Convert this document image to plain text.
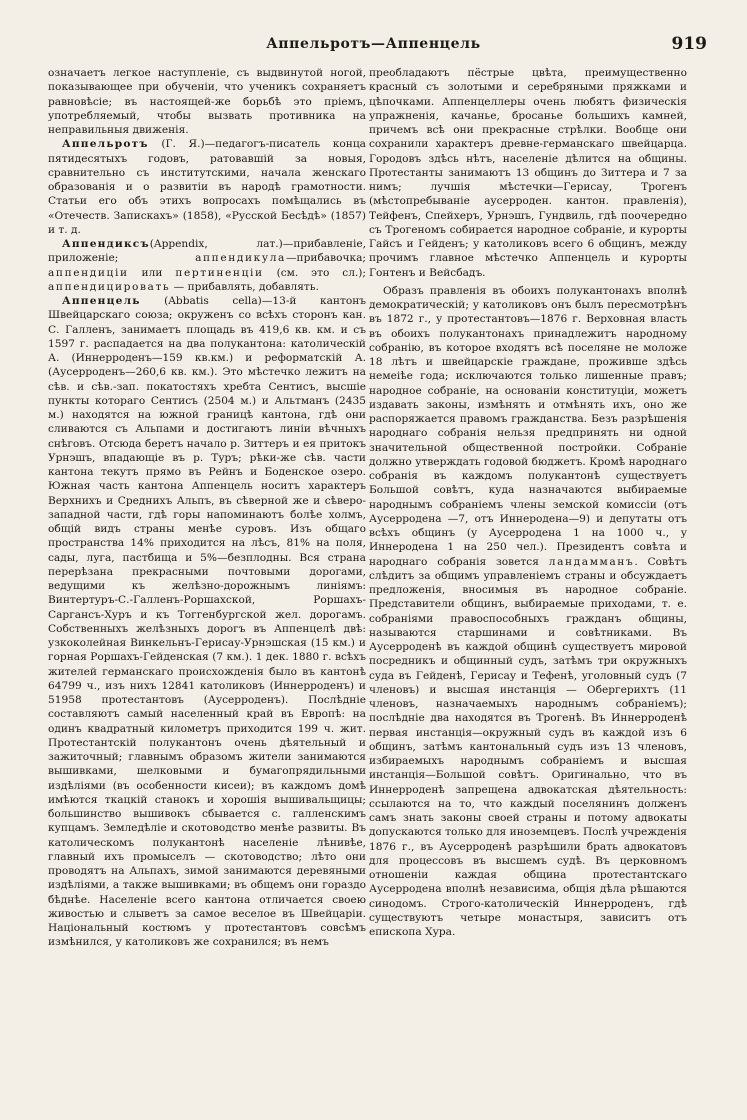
Аппельротъ—Аппенцель	919

означаетъ легкое наступленіе, съ выдвинутой ногой, показывающее при обученіи, что ученикъ сохраняетъ равновѣсіе; въ настоящей-же борьбѣ это пріемъ, употребляемый, чтобы вызвать противника на неправильныя движенія.

Аппельротъ (Г. Я.)—педагогъ-писатель конца пятидесятыхъ годовъ, ратовавшій за новыя, сравнительно съ институтскими, начала женскаго образованія и о развитіи въ народѣ грамотности. Статьи его объ этихъ вопросахъ помѣщались въ «Отечеств. Запискахъ» (1858), «Русской Бесѣдѣ» (1857) и т. д.

Аппендиксъ(Appendix, лат.)—прибавленіе, приложеніе; аппендикула—прибавочка; аппендиціи или пертиненціи (см. это сл.); аппендицировать — прибавлять, добавлять.

Аппенцель (Abbatis cella)—13-й кантонъ Швейцарскаго союза; окруженъ со всѣхъ сторонъ кан. С. Галленъ, занимаетъ площадь въ 419,6 кв. км. и съ 1597 г. распадается на два полукантона: католическій А. (Иннерроденъ—159 кв.км.) и реформатскій А. (Аусерроденъ—260,6 кв. км.). Это мѣстечко лежитъ на сѣв. и сѣв.-зап. покатостяхъ хребта Сентисъ, высшіе пункты котораго Сентисъ (2504 м.) и Альтманъ (2435 м.) находятся на южной границѣ кантона, гдѣ они сливаются съ Альпами и достигаютъ линіи вѣчныхъ снѣговъ. Отсюда беретъ начало р. Зиттеръ и ея притокъ Урнэшъ, впадающіе въ р. Туръ; рѣки-же сѣв. части кантона текутъ прямо въ Рейнъ и Боденское озеро. Южная часть кантона Аппенцель носитъ характеръ Верхнихъ и Среднихъ Альпъ, въ сѣверной же и сѣверо-западной части, гдѣ горы напоминаютъ болѣе холмъ, общій видъ страны менѣе суровъ. Изъ общаго пространства 14% приходится на лѣсъ, 81% на поля, сады, луга, пастбища и 5%—безплодны. Вся страна перерѣзана прекрасными почтовыми дорогами, ведущими къ желѣзно-дорожнымъ линіямъ: Винтертуръ-С.-Галленъ-Роршахской, Роршахъ-Саргансъ-Хуръ и къ Тоггенбургской жел. дорогамъ. Собственныхъ желѣзныхъ дорогъ въ Аппенцелѣ двѣ: узкоколейная Винкельнъ-Герисау-Урнэшская (15 км.) и горная Роршахъ-Гейденская (7 км.). 1 дек. 1880 г. всѣхъ жителей германскаго происхожденія было въ кантонѣ 64799 ч., изъ нихъ 12841 католиковъ (Иннерроденъ) и 51958 протестантовъ (Аусерроденъ). Послѣдніе составляютъ самый населенный край въ Европѣ: на одинъ квадратный километръ приходится 199 ч. жит. Протестантскій полукантонъ очень дѣятельный и зажиточный; главнымъ образомъ жители занимаются вышивками, шелковыми и бумагопрядильными издѣліями (въ особенности кисеи); въ каждомъ домѣ имѣются ткацкій станокъ и хорошія вышивальщицы; большинство вышивокъ сбывается с. галленскимъ купцамъ. Земледѣліе и скотоводство менѣе развиты. Въ католическомъ полукантонѣ населеніе лѣнивѣе, главный ихъ промыселъ — скотоводство; лѣто они проводятъ на Альпахъ, зимой занимаются деревяными издѣліями, а также вышивками; въ общемъ они гораздо бѣднѣе. Населеніе всего кантона отличается своею живостью и слыветъ за самое веселое въ Швейцаріи. Національный костюмъ у протестантовъ совсѣмъ измѣнился, у католиковъ же сохранился; въ немъ

преобладаютъ пёстрые цвѣта, преимущественно красный съ золотыми и серебряными пряжками и цѣпочками. Аппенцеллеры очень любятъ физическія упражненія, качанье, бросанье большихъ камней, причемъ всѣ они прекрасные стрѣлки. Вообще они сохранили характеръ древне-германскаго швейцарца. Городовъ здѣсь нѣтъ, населеніе дѣлится на общины. Протестанты занимаютъ 13 общинъ до Зиттера и 7 за нимъ; лучшія мѣстечки—Герисау, Трогенъ (мѣстопребываніе аусерроден. кантон. правленія), Тейфенъ, Спейхеръ, Урнэшъ, Гундвиль, гдѣ поочередно съ Трогеномъ собирается народное собраніе, и курорты Гайсъ и Гейденъ; у католиковъ всего 6 общинъ, между прочимъ главное мѣстечко Аппенцель и курорты Гонтенъ и Вейсбадъ.

Образъ правленія въ обоихъ полукантонахъ вполнѣ демократическій; у католиковъ онъ былъ пересмотрѣнъ въ 1872 г., у протестантовъ—1876 г. Верховная власть въ обоихъ полукантонахъ принадлежитъ народному собранію, въ которое входятъ всѣ поселяне не моложе 18 лѣтъ и швейцарскіе граждане, проживше здѣсь немеіѣе года; исключаются только лишенные правъ; народное собраніе, на основаніи конституціи, можетъ издавать законы, измѣнять и отмѣнять ихъ, оно же распоряжается правомъ гражданства. Безъ разрѣшенія народнаго собранія нельзя предпринять ни одной значительной общественной постройки. Собраніе должно утверждать годовой бюджетъ. Кромѣ народнаго собранія въ каждомъ полукантонѣ существуетъ Большой совѣтъ, куда назначаются выбираемые народнымъ собраніемъ члены земской комиссіи (отъ Аусерродена —7, отъ Иннеродена—9) и депутаты отъ всѣхъ общинъ (у Аусерродена 1 на 1000 ч., у Иннеродена 1 на 250 чел.). Президентъ совѣта и народнаго собранія зовется ландамманъ. Совѣтъ слѣдитъ за общимъ управленіемъ страны и обсуждаетъ предложенія, вносимыя въ народное собраніе. Представители общинъ, выбираемые приходами, т. е. собраніями правоспособныхъ гражданъ общины, называются старшинами и совѣтниками. Въ Аусерроденѣ въ каждой общинѣ существуетъ мировой посредникъ и общинный судъ, затѣмъ три окружныхъ суда въ Гейденѣ, Герисау и Тефенѣ, уголовный судъ (7 членовъ) и высшая инстанція — Обергерихтъ (11 членовъ, назначаемыхъ народнымъ собраніемъ); послѣдніе два находятся въ Трогенѣ. Въ Иннерроденѣ первая инстанція—окружный судъ въ каждой изъ 6 общинъ, затѣмъ кантональный судъ изъ 13 членовъ, избираемыхъ народнымъ собраніемъ и высшая инстанція—Большой совѣтъ. Оригинально, что въ Иннерроденѣ запрещена адвокатская дѣятельность: ссылаются на то, что каждый поселянинъ долженъ самъ знать законы своей страны и потому адвокаты допускаются только для иноземцевъ. Послѣ учрежденія 1876 г., въ Аусерроденѣ разрѣшили брать адвокатовъ для процессовъ въ высшемъ судѣ. Въ церковномъ отношеніи каждая община протестантскаго Аусерродена вполнѣ независима, общія дѣла рѣшаются синодомъ. Строго-католическій Иннерроденъ, гдѣ существуютъ четыре монастыря, зависитъ отъ епископа Хура.
